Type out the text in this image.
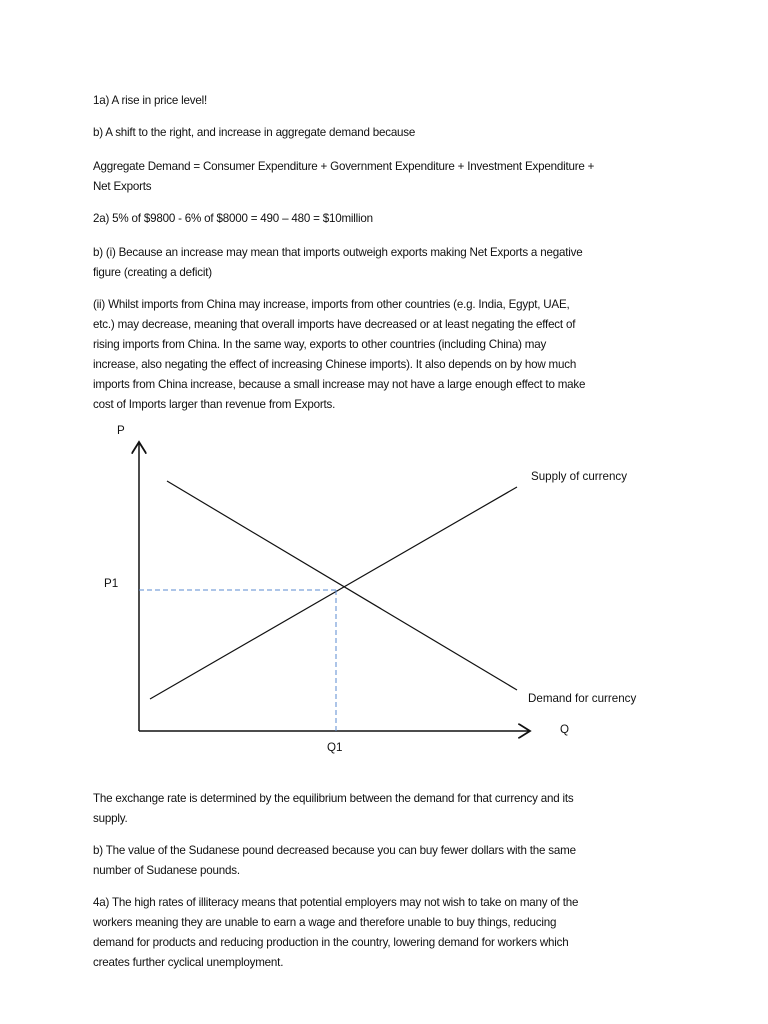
1a) A rise in price level!
b) A shift to the right, and increase in aggregate demand because
Aggregate Demand = Consumer Expenditure + Government Expenditure + Investment Expenditure +
Net Exports
2a) 5% of $9800 - 6% of $8000 = 490 – 480 = $10million
b) (i) Because an increase may mean that imports outweigh exports making Net Exports a negative
figure (creating a deficit)
(ii) Whilst imports from China may increase, imports from other countries (e.g. India, Egypt, UAE,
etc.) may decrease, meaning that overall imports have decreased or at least negating the effect of
rising imports from China. In the same way, exports to other countries (including China) may
increase, also negating the effect of increasing Chinese imports). It also depends on by how much
imports from China increase, because a small increase may not have a large enough effect to make
cost of Imports larger than revenue from Exports.
P
Q
P1
Q1
Supply of currency
Demand for currency
The exchange rate is determined by the equilibrium between the demand for that currency and its
supply.
b) The value of the Sudanese pound decreased because you can buy fewer dollars with the same
number of Sudanese pounds.
4a) The high rates of illiteracy means that potential employers may not wish to take on many of the
workers meaning they are unable to earn a wage and therefore unable to buy things, reducing
demand for products and reducing production in the country, lowering demand for workers which
creates further cyclical unemployment.
